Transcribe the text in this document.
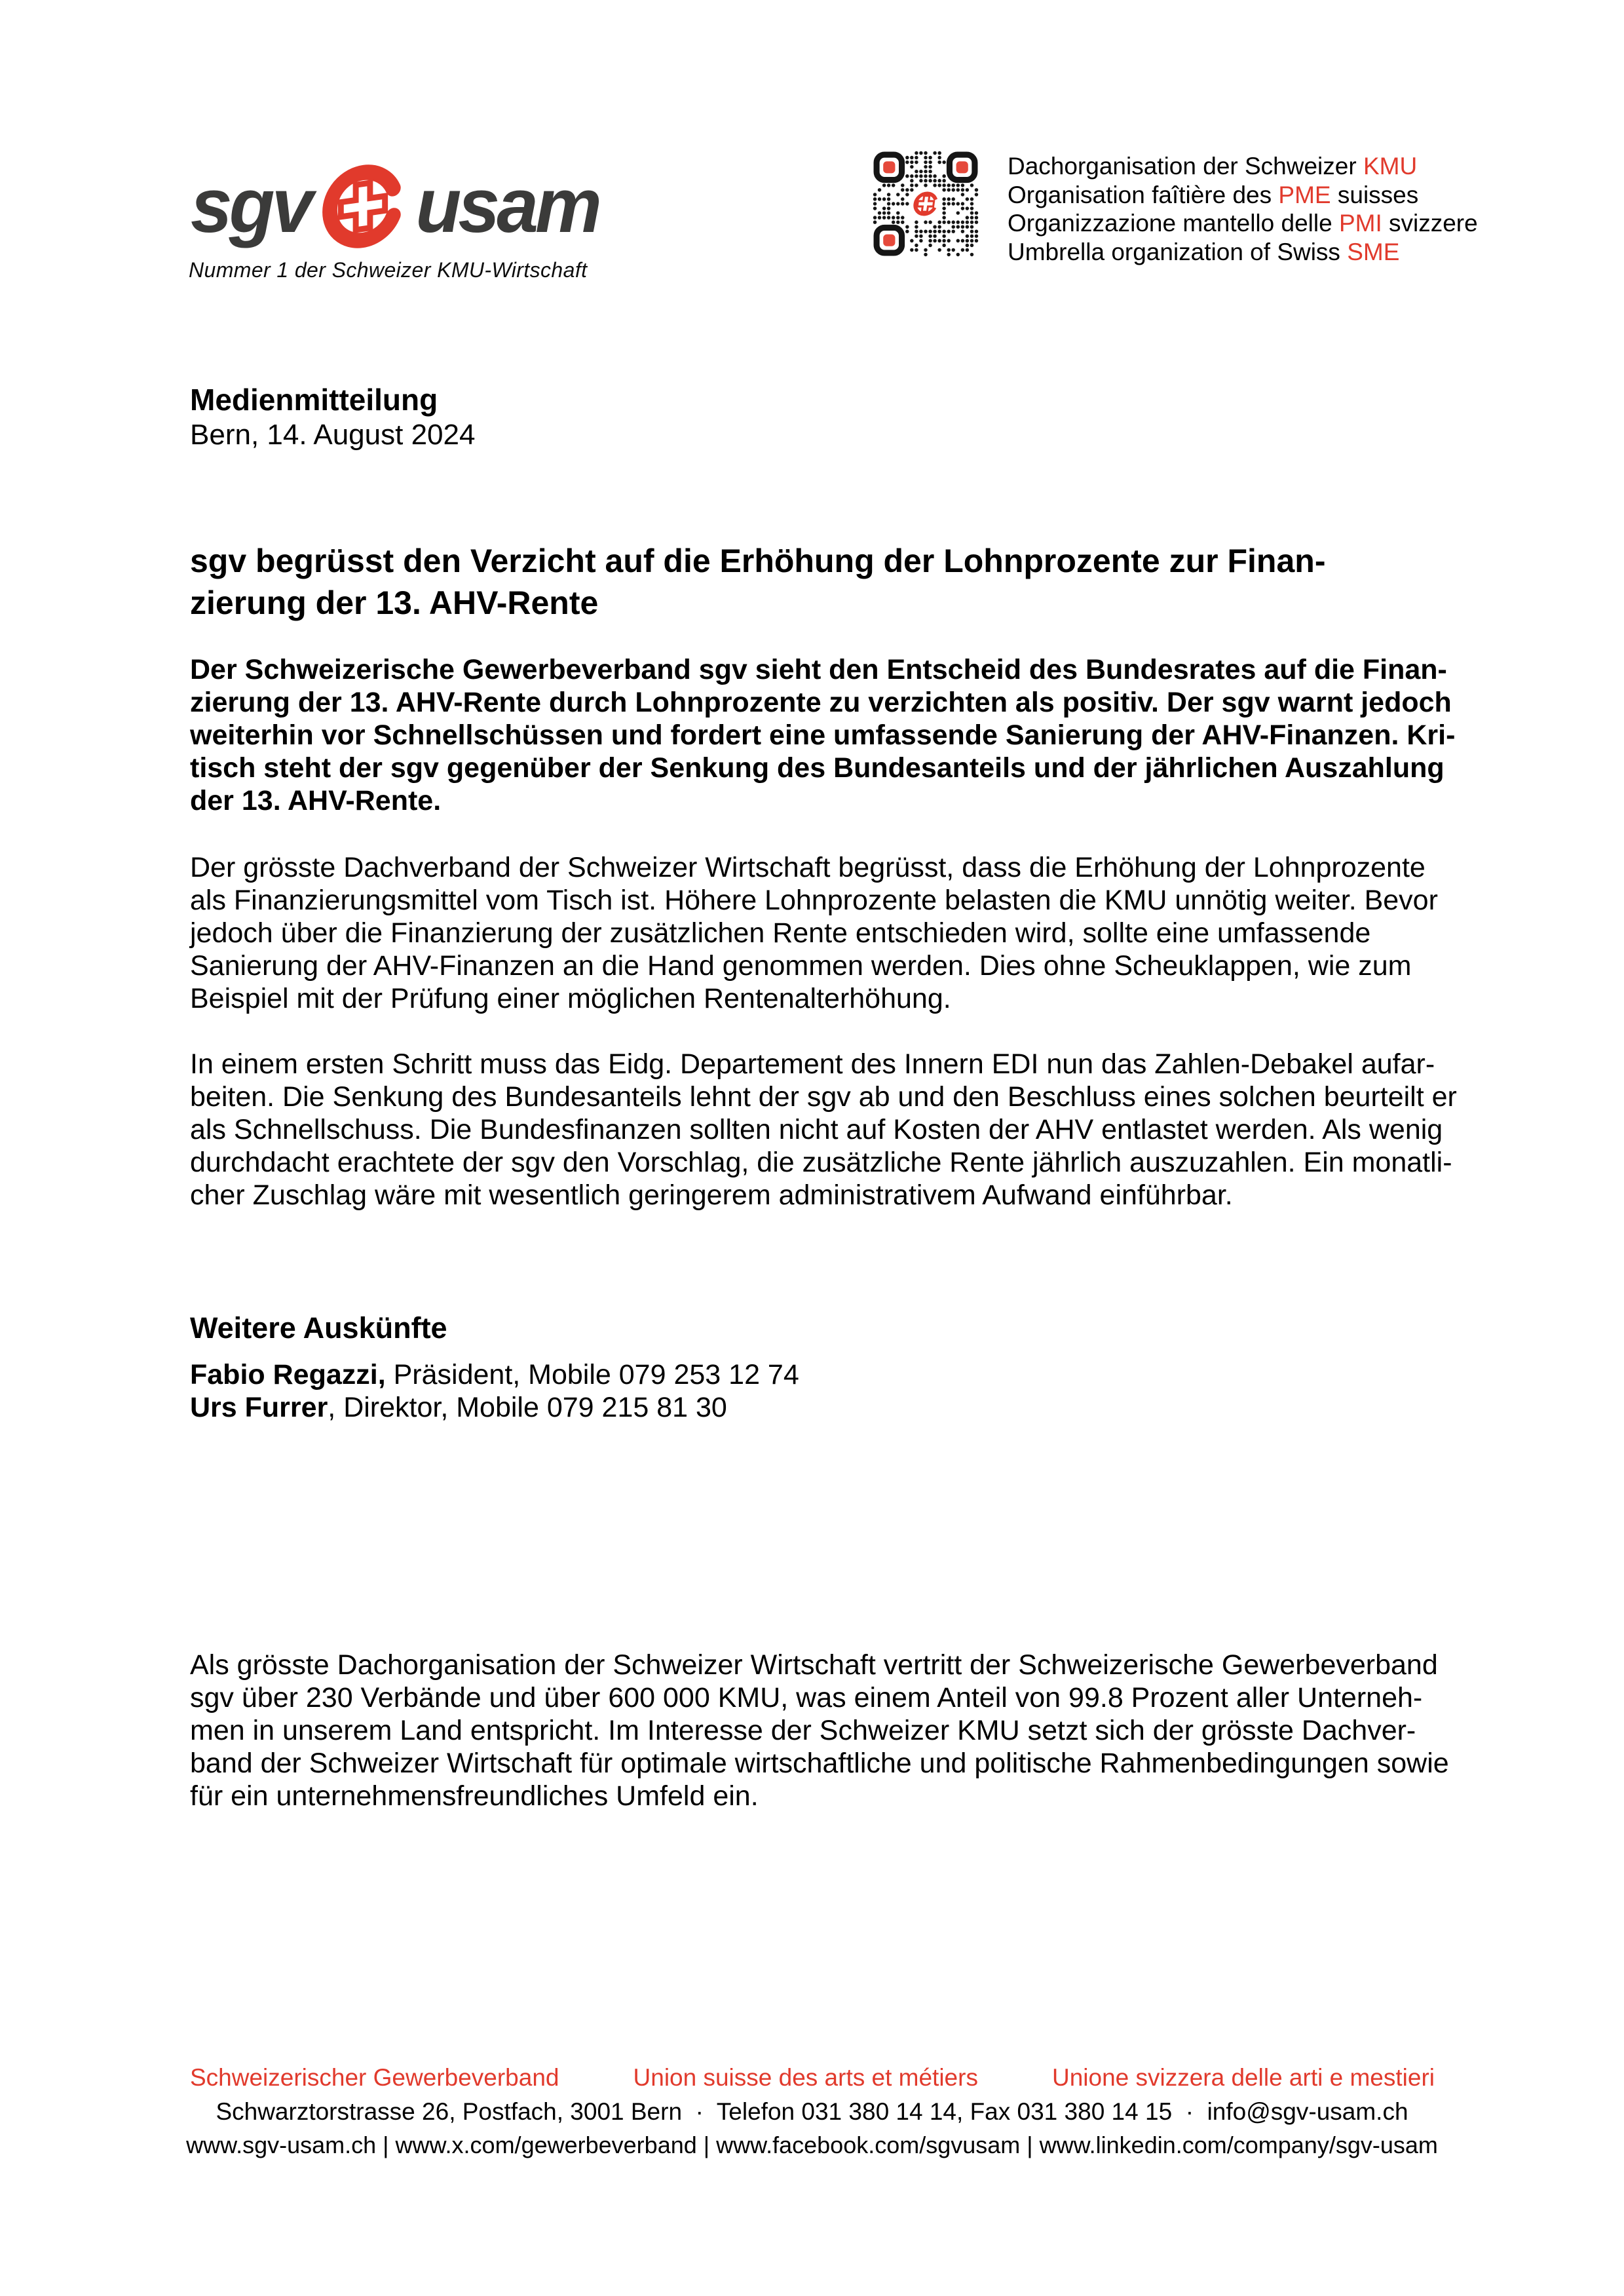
sgv usam
Nummer 1 der Schweizer KMU-Wirtschaft
Dachorganisation der Schweizer KMU
Organisation faîtière des PME suisses
Organizzazione mantello delle PMI svizzere
Umbrella organization of Swiss SME
Medienmitteilung
Bern, 14. August 2024
sgv begrüsst den Verzicht auf die Erhöhung der Lohnprozente zur Finan-
zierung der 13. AHV-Rente
Der Schweizerische Gewerbeverband sgv sieht den Entscheid des Bundesrates auf die Finan-
zierung der 13. AHV-Rente durch Lohnprozente zu verzichten als positiv. Der sgv warnt jedoch
weiterhin vor Schnellschüssen und fordert eine umfassende Sanierung der AHV-Finanzen. Kri-
tisch steht der sgv gegenüber der Senkung des Bundesanteils und der jährlichen Auszahlung
der 13. AHV-Rente.
Der grösste Dachverband der Schweizer Wirtschaft begrüsst, dass die Erhöhung der Lohnprozente
als Finanzierungsmittel vom Tisch ist. Höhere Lohnprozente belasten die KMU unnötig weiter. Bevor
jedoch über die Finanzierung der zusätzlichen Rente entschieden wird, sollte eine umfassende
Sanierung der AHV-Finanzen an die Hand genommen werden. Dies ohne Scheuklappen, wie zum
Beispiel mit der Prüfung einer möglichen Rentenalterhöhung.
In einem ersten Schritt muss das Eidg. Departement des Innern EDI nun das Zahlen-Debakel aufar-
beiten. Die Senkung des Bundesanteils lehnt der sgv ab und den Beschluss eines solchen beurteilt er
als Schnellschuss. Die Bundesfinanzen sollten nicht auf Kosten der AHV entlastet werden. Als wenig
durchdacht erachtete der sgv den Vorschlag, die zusätzliche Rente jährlich auszuzahlen. Ein monatli-
cher Zuschlag wäre mit wesentlich geringerem administrativem Aufwand einführbar.
Weitere Auskünfte
Fabio Regazzi, Präsident, Mobile 079 253 12 74
Urs Furrer, Direktor, Mobile 079 215 81 30
Als grösste Dachorganisation der Schweizer Wirtschaft vertritt der Schweizerische Gewerbeverband
sgv über 230 Verbände und über 600 000 KMU, was einem Anteil von 99.8 Prozent aller Unterneh-
men in unserem Land entspricht. Im Interesse der Schweizer KMU setzt sich der grösste Dachver-
band der Schweizer Wirtschaft für optimale wirtschaftliche und politische Rahmenbedingungen sowie
für ein unternehmensfreundliches Umfeld ein.
Schweizerischer Gewerbeverband	Union suisse des arts et métiers	Unione svizzera delle arti e mestieri
Schwarztorstrasse 26, Postfach, 3001 Bern  ·  Telefon 031 380 14 14, Fax 031 380 14 15  ·  info@sgv-usam.ch
www.sgv-usam.ch | www.x.com/gewerbeverband | www.facebook.com/sgvusam | www.linkedin.com/company/sgv-usam
